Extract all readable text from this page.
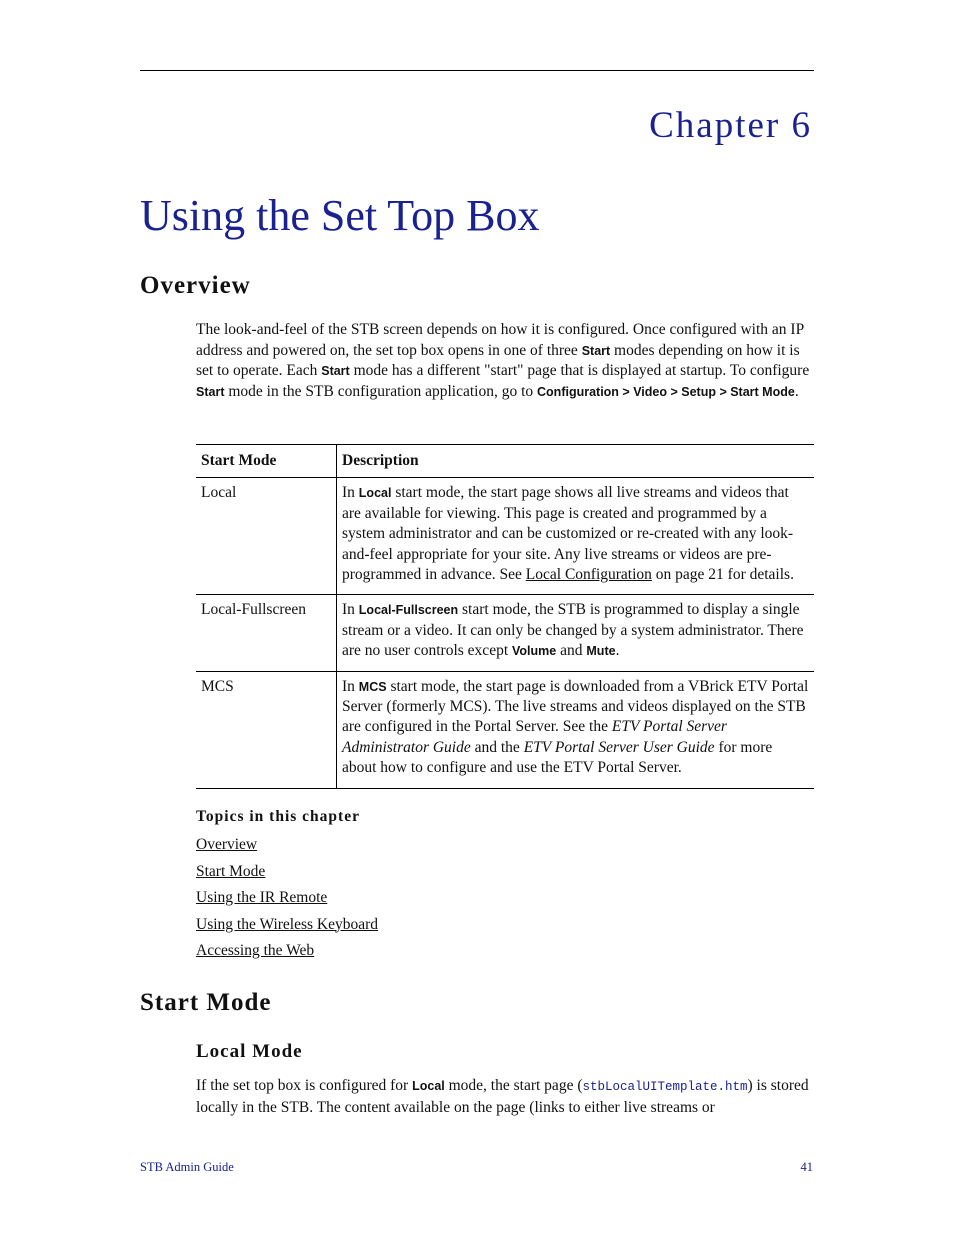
Chapter 6
Using the Set Top Box
Overview
The look-and-feel of the STB screen depends on how it is configured. Once configured with an IP address and powered on, the set top box opens in one of three Start modes depending on how it is set to operate. Each Start mode has a different "start" page that is displayed at startup. To configure Start mode in the STB configuration application, go to Configuration > Video > Setup > Start Mode.
Start Mode	Description
Local	In Local start mode, the start page shows all live streams and videos that are available for viewing. This page is created and programmed by a system administrator and can be customized or re-created with any look-and-feel appropriate for your site. Any live streams or videos are pre-programmed in advance. See Local Configuration on page 21 for details.
Local-Fullscreen	In Local-Fullscreen start mode, the STB is programmed to display a single stream or a video. It can only be changed by a system administrator. There are no user controls except Volume and Mute.
MCS	In MCS start mode, the start page is downloaded from a VBrick ETV Portal Server (formerly MCS). The live streams and videos displayed on the STB are configured in the Portal Server. See the ETV Portal Server Administrator Guide and the ETV Portal Server User Guide for more about how to configure and use the ETV Portal Server.
Topics in this chapter
Overview
Start Mode
Using the IR Remote
Using the Wireless Keyboard
Accessing the Web
Start Mode
Local Mode
If the set top box is configured for Local mode, the start page (stbLocalUITemplate.htm) is stored locally in the STB. The content available on the page (links to either live streams or
STB Admin Guide	41
